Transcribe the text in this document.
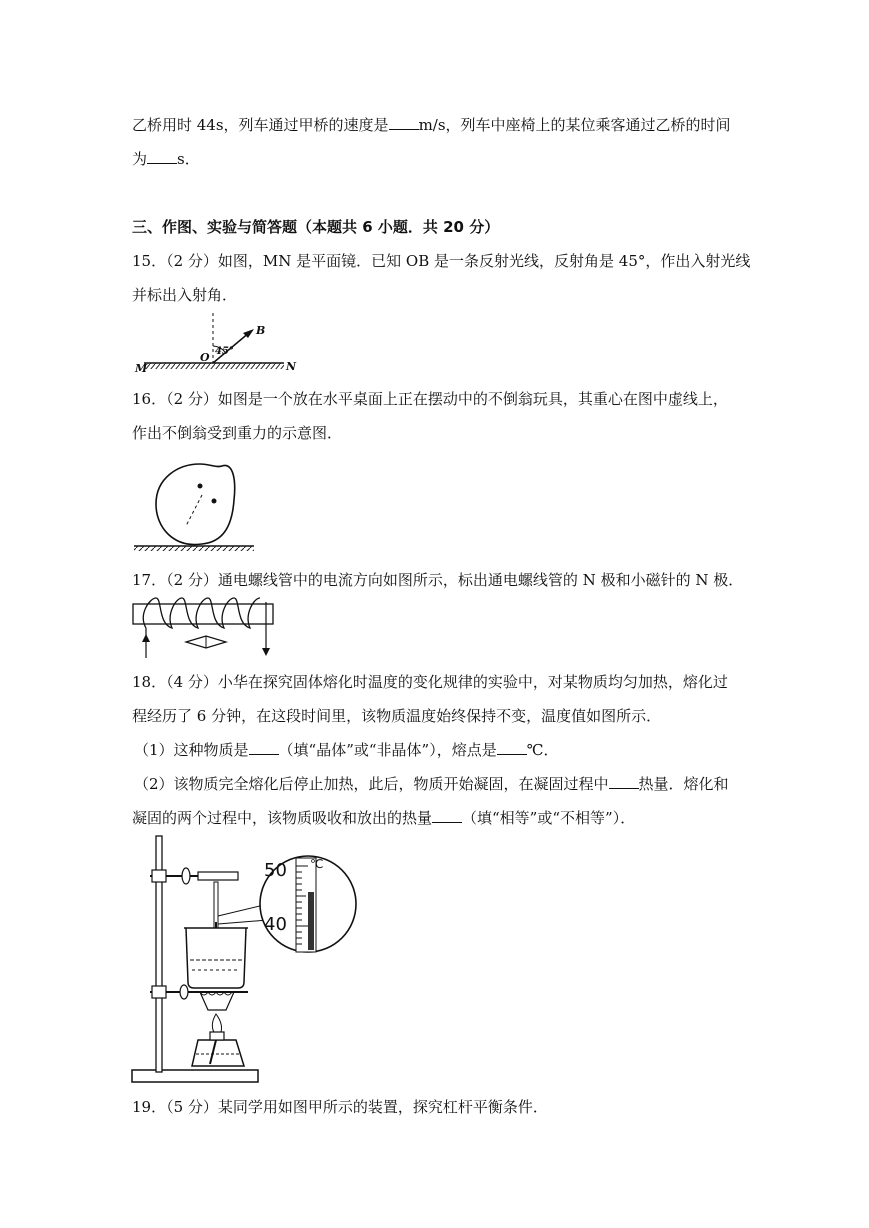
乙桥用时 44s，列车通过甲桥的速度是 m/s，列车中座椅上的某位乘客通过乙桥的时间
为 s．
三、作图、实验与简答题（本题共 6 小题．共 20 分）
15．（2 分）如图，MN 是平面镜．已知 OB 是一条反射光线，反射角是 45°，作出入射光线
并标出入射角．
M	N
O
B
45°
16．（2 分）如图是一个放在水平桌面上正在摆动中的不倒翁玩具，其重心在图中虚线上，
作出不倒翁受到重力的示意图．
17．（2 分）通电螺线管中的电流方向如图所示，标出通电螺线管的 N 极和小磁针的 N 极．
18．（4 分）小华在探究固体熔化时温度的变化规律的实验中，对某物质均匀加热，熔化过
程经历了 6 分钟，在这段时间里，该物质温度始终保持不变，温度值如图所示．
（1）这种物质是 （填“晶体”或“非晶体”），熔点是 ℃．
（2）该物质完全熔化后停止加热，此后，物质开始凝固，在凝固过程中 热量．熔化和
凝固的两个过程中，该物质吸收和放出的热量 （填“相等”或“不相等”）．
50
40
℃
19．（5 分）某同学用如图甲所示的装置，探究杠杆平衡条件．
